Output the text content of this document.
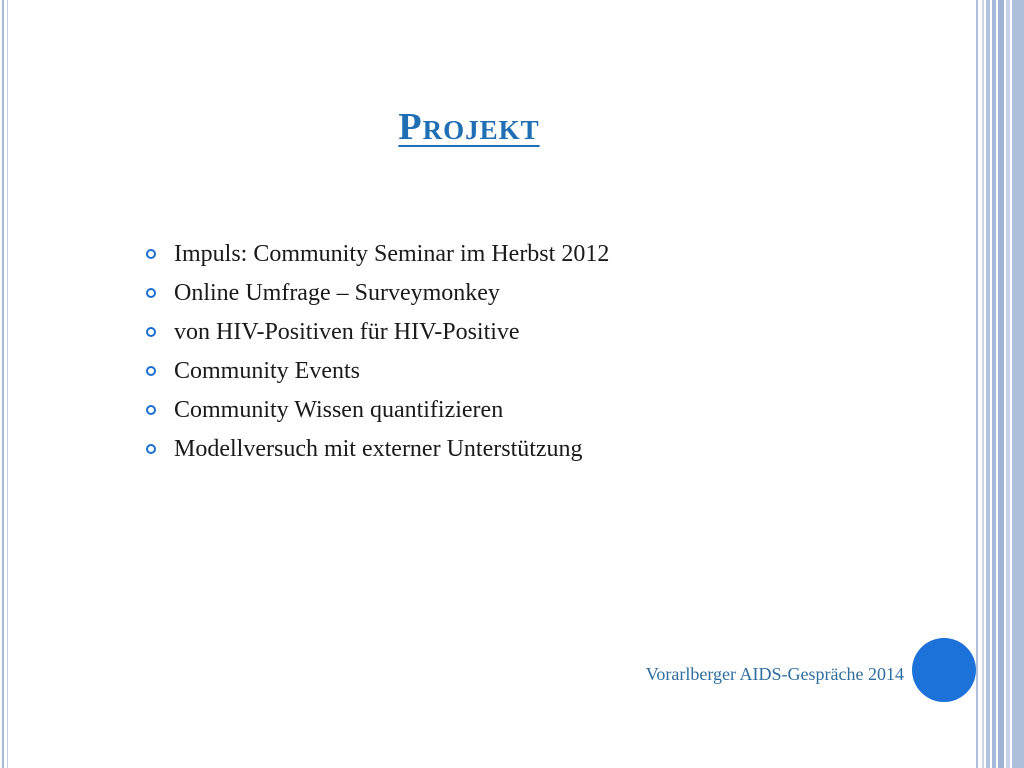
Projekt
Impuls: Community Seminar im Herbst 2012
Online Umfrage – Surveymonkey
von HIV-Positiven für HIV-Positive
Community Events
Community Wissen quantifizieren
Modellversuch mit externer Unterstützung
Vorarlberger AIDS-Gespräche 2014
